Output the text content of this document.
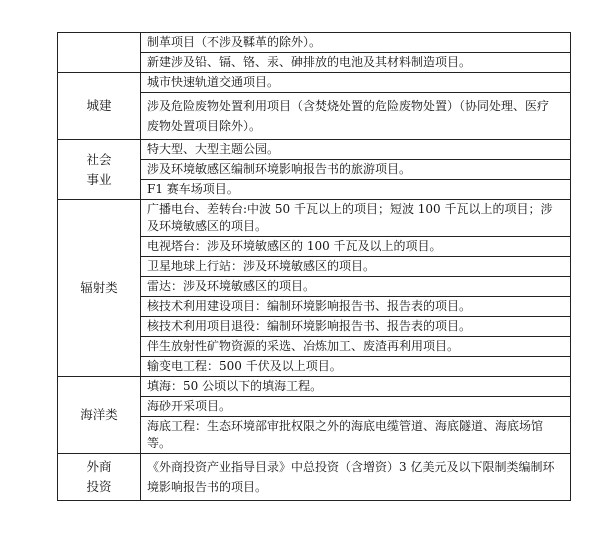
	制革项目（不涉及鞣革的除外）。
	新建涉及铅、镉、铬、汞、砷排放的电池及其材料制造项目。
城建	城市快速轨道交通项目。
	涉及危险废物处置利用项目（含焚烧处置的危险废物处置）（协同处理、医疗废物处置项目除外）。

社会
事业	特大型、大型主题公园。
	涉及环境敏感区编制环境影响报告书的旅游项目。
	F1 赛车场项目。
辐射类	广播电台、差转台:中波 50 千瓦以上的项目；短波 100 千瓦以上的项目；涉及环境敏感区的项目。
	电视塔台：涉及环境敏感区的 100 千瓦及以上的项目。
	卫星地球上行站：涉及环境敏感区的项目。
	雷达：涉及环境敏感区的项目。
	核技术利用建设项目：编制环境影响报告书、报告表的项目。
	核技术利用项目退役：编制环境影响报告书、报告表的项目。
	伴生放射性矿物资源的采选、冶炼加工、废渣再利用项目。
	输变电工程：500 千伏及以上项目。
海洋类	填海：50 公顷以下的填海工程。
	海砂开采项目。
	海底工程：生态环境部审批权限之外的海底电缆管道、海底隧道、海底场馆等。

外商
投资	《外商投资产业指导目录》中总投资（含增资）3 亿美元及以下限制类编制环境影响报告书的项目。
